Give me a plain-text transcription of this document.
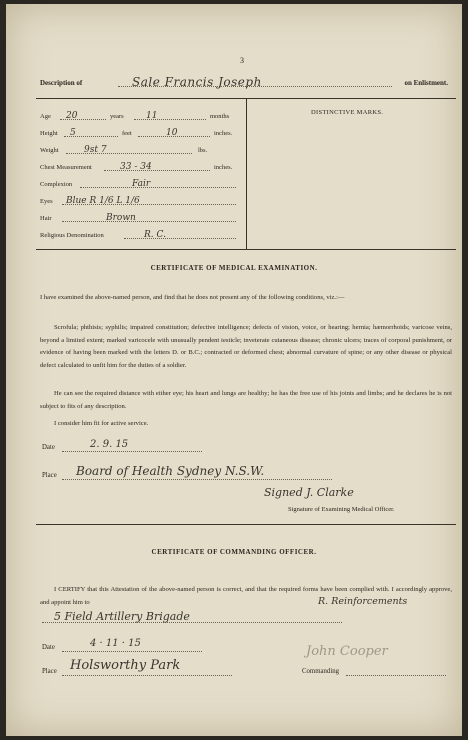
3
Description of	Sale Francis Joseph	on Enlistment.
DISTINCTIVE MARKS.
Age 20	years 11	months
Height 5	feet	10	inches.
Weight	9st 7	lbs.
Chest Measurement	33 - 34	inches.
Complexion	Fair
Eyes Blue R 1/6 L 1/6
Hair	Brown
Religious Denomination	R. C.
CERTIFICATE OF MEDICAL EXAMINATION.
I have examined the above-named person, and find that he does not present any of the following conditions, viz.:—
Scrofula; phthisis; syphilis; impaired constitution; defective intelligence; defects of vision, voice, or hearing; hernia; hæmorrhoids; varicose veins, beyond a limited extent; marked varicocele with unusually pendent testicle; inveterate cutaneous disease; chronic ulcers; traces of corporal punishment, or evidence of having been marked with the letters D. or B.C.; contracted or deformed chest; abnormal curvature of spine; or any other disease or physical defect calculated to unfit him for the duties of a soldier.
He can see the required distance with either eye; his heart and lungs are healthy; he has the free use of his joints and limbs; and he declares he is not subject to fits of any description.
I consider him fit for active service.
Date	2. 9. 15
Place Board of Health Sydney N.S.W.
Signed J. Clarke
Signature of Examining Medical Officer.
CERTIFICATE OF COMMANDING OFFICER.
I CERTIFY that this Attestation of the above-named person is correct, and that the required forms have been complied with. I accordingly approve, and appoint him to	R. Reinforcements
5 Field Artillery Brigade
Date	4 · 11 · 15
Place Holsworthy Park
John Cooper
Commanding
